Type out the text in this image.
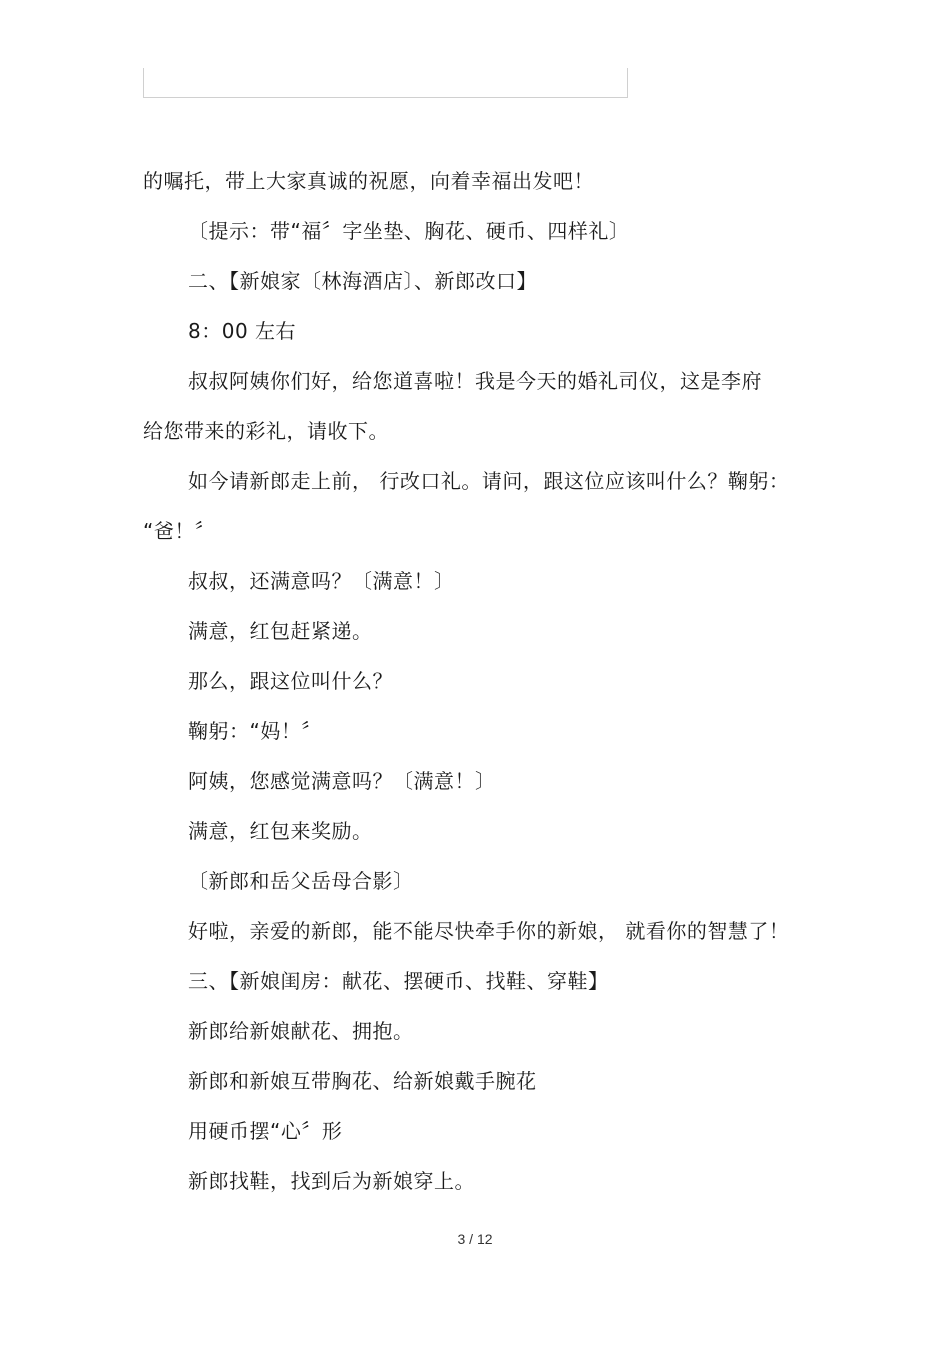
的嘱托，带上大家真诚的祝愿，向着幸福出发吧！
〔提示：带“福〞字坐垫、胸花、硬币、四样礼〕
二、【新娘家〔林海酒店〕、新郎改口】
8：00 左右
叔叔阿姨你们好，给您道喜啦！我是今天的婚礼司仪，这是李府
给您带来的彩礼，请收下。
如今请新郎走上前， 行改口礼。请问，跟这位应该叫什么？鞠躬：
“爸！〞
叔叔，还满意吗？〔满意！〕
满意，红包赶紧递。
那么，跟这位叫什么？
鞠躬：“妈！〞
阿姨，您感觉满意吗？〔满意！〕
满意，红包来奖励。
〔新郎和岳父岳母合影〕
好啦，亲爱的新郎，能不能尽快牵手你的新娘， 就看你的智慧了！
三、【新娘闺房：献花、摆硬币、找鞋、穿鞋】
新郎给新娘献花、拥抱。
新郎和新娘互带胸花、给新娘戴手腕花
用硬币摆“心〞形
新郎找鞋，找到后为新娘穿上。
3 / 12
